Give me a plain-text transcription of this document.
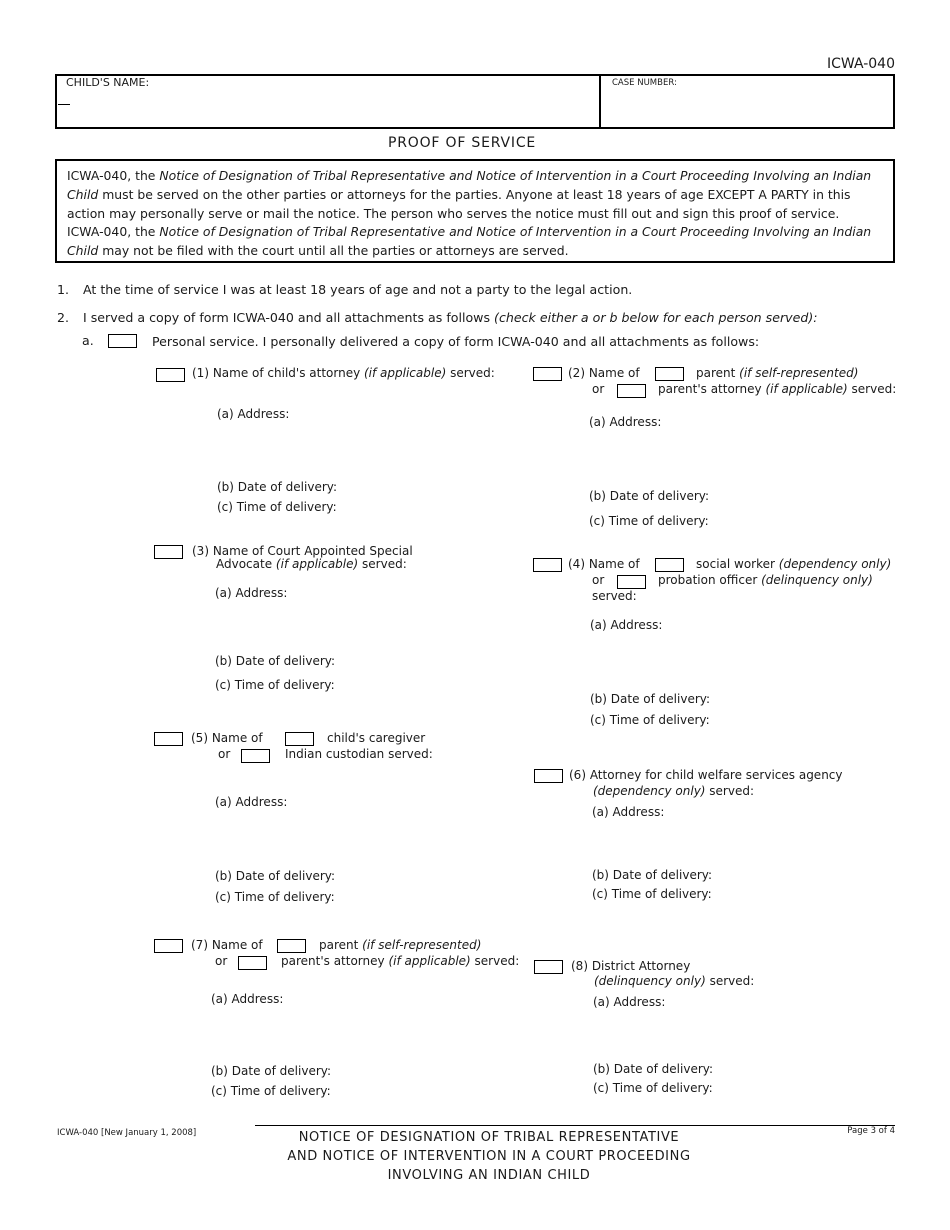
ICWA-040
CHILD'S NAME:	CASE NUMBER:
PROOF OF SERVICE

ICWA-040, the Notice of Designation of Tribal Representative and Notice of Intervention in a Court Proceeding Involving an Indian Child must be served on the other parties or attorneys for the parties. Anyone at least 18 years of age EXCEPT A PARTY in this action may personally serve or mail the notice. The person who serves the notice must fill out and sign this proof of service.

ICWA-040, the Notice of Designation of Tribal Representative and Notice of Intervention in a Court Proceeding Involving an Indian Child may not be filed with the court until all the parties or attorneys are served.

1. At the time of service I was at least 18 years of age and not a party to the legal action.
2. I served a copy of form ICWA-040 and all attachments as follows (check either a or b below for each person served):
a.	Personal service. I personally delivered a copy of form ICWA-040 and all attachments as follows:
(1) Name of child's attorney (if applicable) served:
(a) Address:
(b) Date of delivery:
(c) Time of delivery:
(2) Name of	parent (if self-represented)
or	parent's attorney (if applicable) served:
(a) Address:
(b) Date of delivery:
(c) Time of delivery:
(3) Name of Court Appointed Special
Advocate (if applicable) served:
(a) Address:
(b) Date of delivery:
(c) Time of delivery:
(4) Name of	social worker (dependency only)
or	probation officer (delinquency only)
served:
(a) Address:
(b) Date of delivery:
(c) Time of delivery:
(5) Name of	child's caregiver
or	Indian custodian served:
(a) Address:
(b) Date of delivery:
(c) Time of delivery:
(6) Attorney for child welfare services agency
(dependency only) served:
(a) Address:
(b) Date of delivery:
(c) Time of delivery:
(7) Name of	parent (if self-represented)
or	parent's attorney (if applicable) served:
(a) Address:
(b) Date of delivery:
(c) Time of delivery:
(8) District Attorney
(delinquency only) served:
(a) Address:
(b) Date of delivery:
(c) Time of delivery:
ICWA-040 [New January 1, 2008]	Page 3 of 4
NOTICE OF DESIGNATION OF TRIBAL REPRESENTATIVE
AND NOTICE OF INTERVENTION IN A COURT PROCEEDING
INVOLVING AN INDIAN CHILD
